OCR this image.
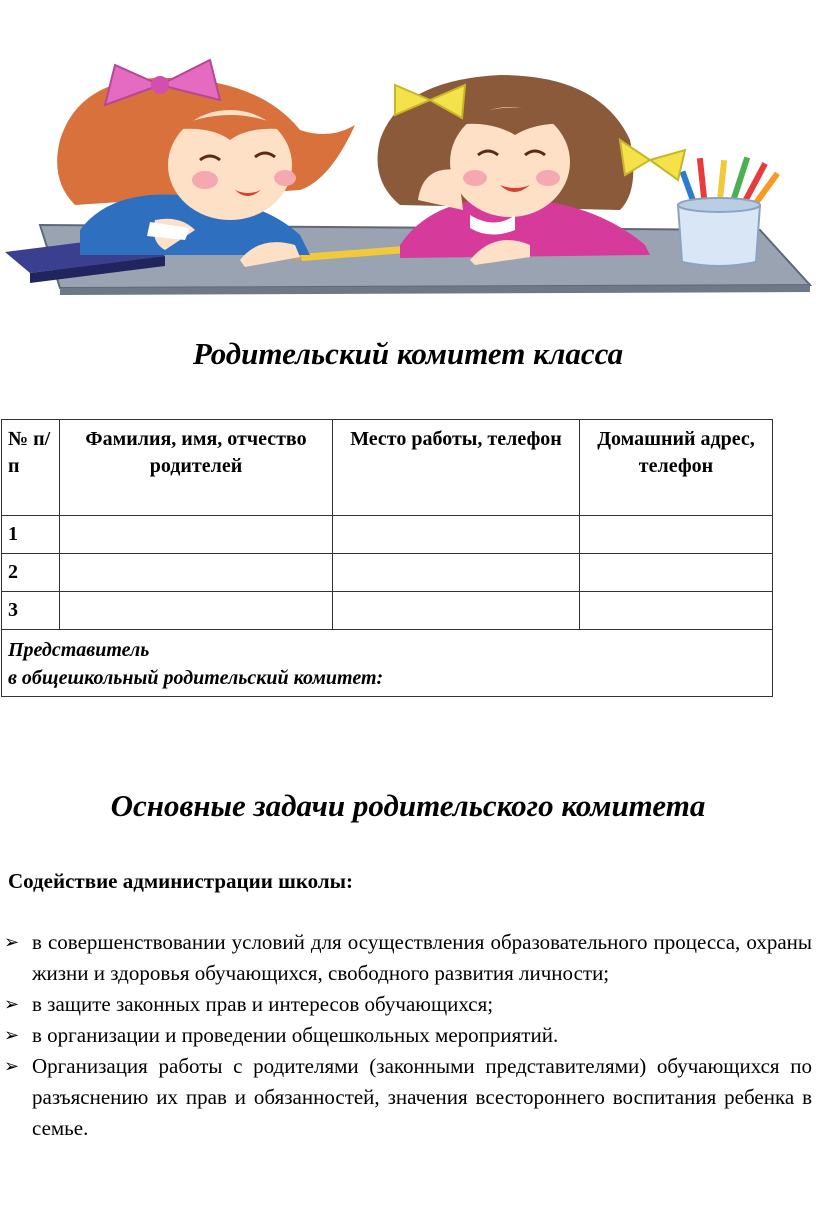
Родительский комитет класса
№ п/п	Фамилия, имя, отчество родителей	Место работы, телефон	Домашний адрес, телефон
1			
2			
3			
Представитель
в общешкольный родительский комитет:			
Основные задачи родительского комитета

Содействие администрации школы:

➢ в совершенствовании условий для осуществления образовательного процесса, охраны жизни и здоровья обучающихся, свободного развития личности;
➢ в защите законных прав и интересов обучающихся;
➢ в организации и проведении общешкольных мероприятий.
➢ Организация работы с родителями (законными представителями) обучающихся по разъяснению их прав и обязанностей, значения всестороннего воспитания ребенка в семье.
